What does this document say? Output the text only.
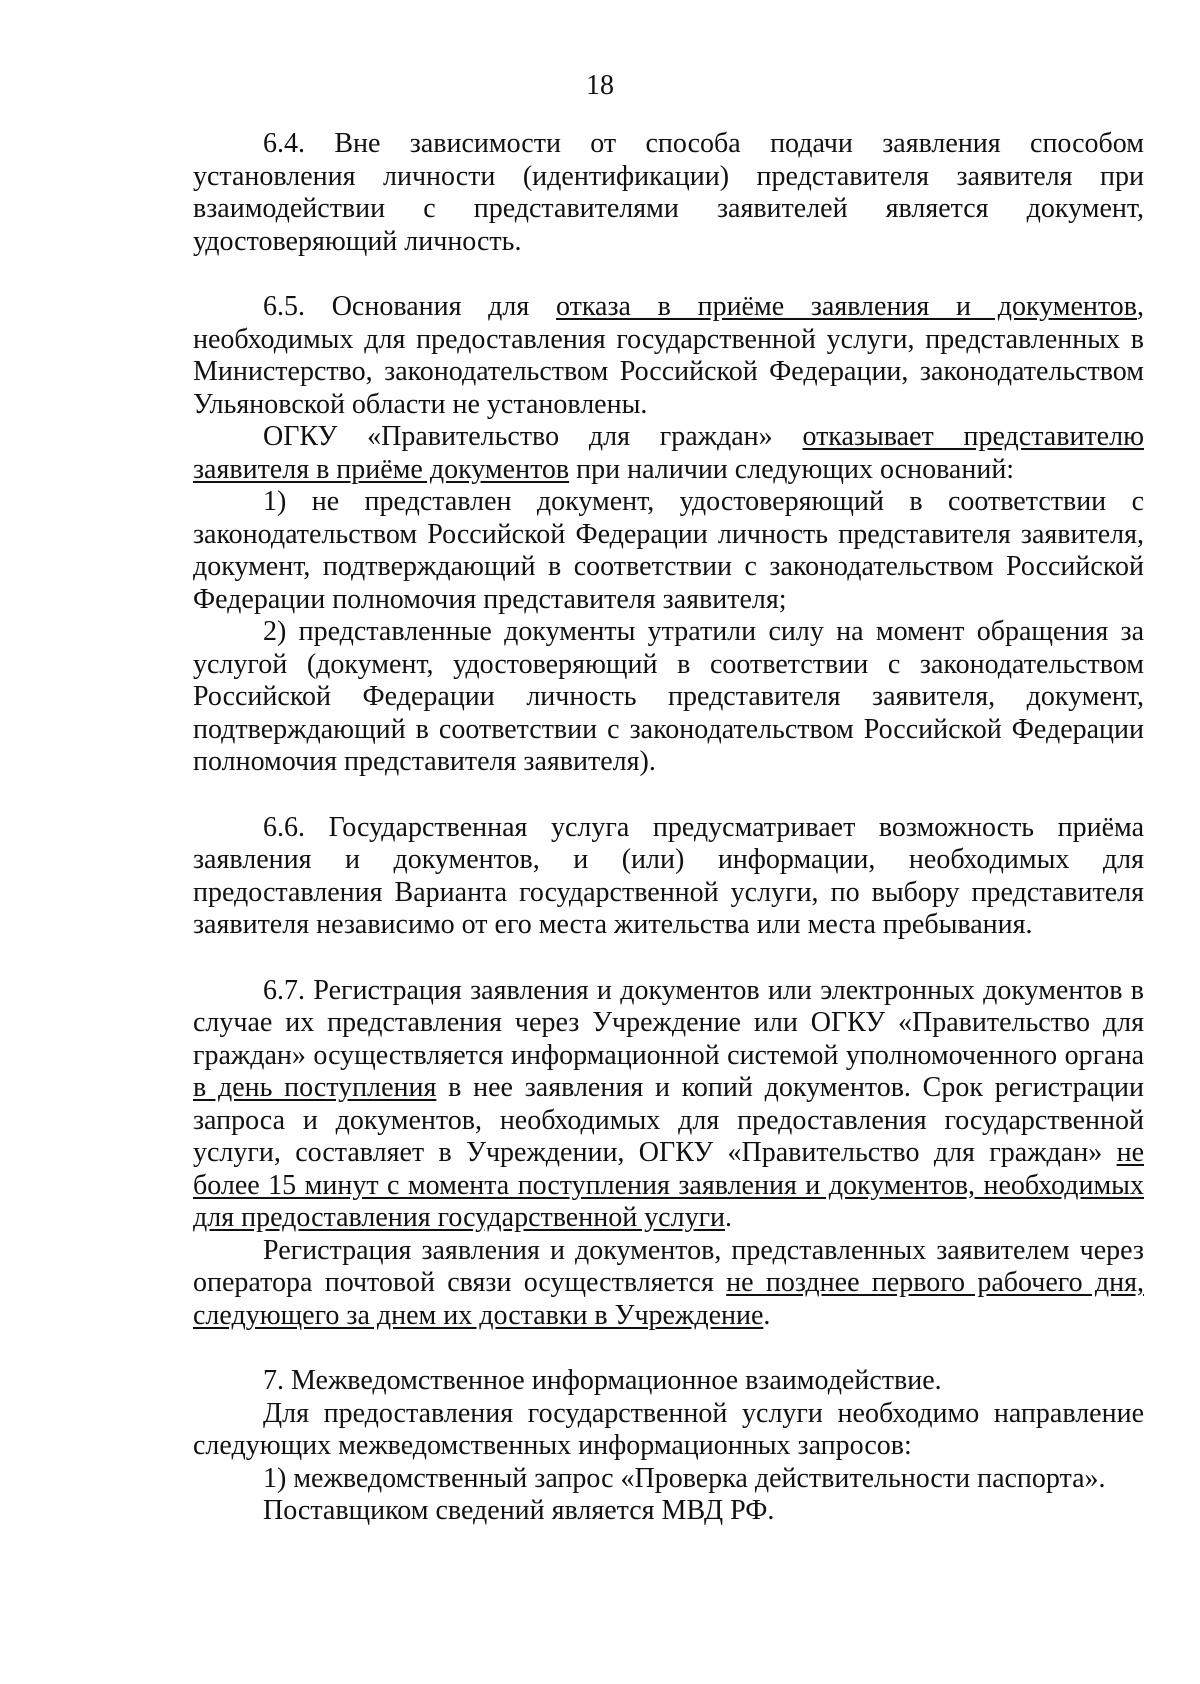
18

6.4. Вне зависимости от способа подачи заявления способом установления личности (идентификации) представителя заявителя при взаимодействии с представителями заявителей является документ, удостоверяющий личность.

6.5. Основания для отказа в приёме заявления и документов, необходимых для предоставления государственной услуги, представленных в Министерство, законодательством Российской Федерации, законодательством Ульяновской области не установлены.

ОГКУ «Правительство для граждан» отказывает представителю заявителя в приёме документов при наличии следующих оснований:

1) не представлен документ, удостоверяющий в соответствии с законодательством Российской Федерации личность представителя заявителя, документ, подтверждающий в соответствии с законодательством Российской Федерации полномочия представителя заявителя;

2) представленные документы утратили силу на момент обращения за услугой (документ, удостоверяющий в соответствии с законодательством Российской Федерации личность представителя заявителя, документ, подтверждающий в соответствии с законодательством Российской Федерации полномочия представителя заявителя).

6.6. Государственная услуга предусматривает возможность приёма заявления и документов, и (или) информации, необходимых для предоставления Варианта государственной услуги, по выбору представителя заявителя независимо от его места жительства или места пребывания.

6.7. Регистрация заявления и документов или электронных документов в случае их представления через Учреждение или ОГКУ «Правительство для граждан» осуществляется информационной системой уполномоченного органа в день поступления в нее заявления и копий документов. Срок регистрации запроса и документов, необходимых для предоставления государственной услуги, составляет в Учреждении, ОГКУ «Правительство для граждан» не более 15 минут с момента поступления заявления и документов, необходимых для предоставления государственной услуги.

Регистрация заявления и документов, представленных заявителем через оператора почтовой связи осуществляется не позднее первого рабочего дня, следующего за днем их доставки в Учреждение.

7. Межведомственное информационное взаимодействие.

Для предоставления государственной услуги необходимо направление следующих межведомственных информационных запросов:

1) межведомственный запрос «Проверка действительности паспорта».

Поставщиком сведений является МВД РФ.
